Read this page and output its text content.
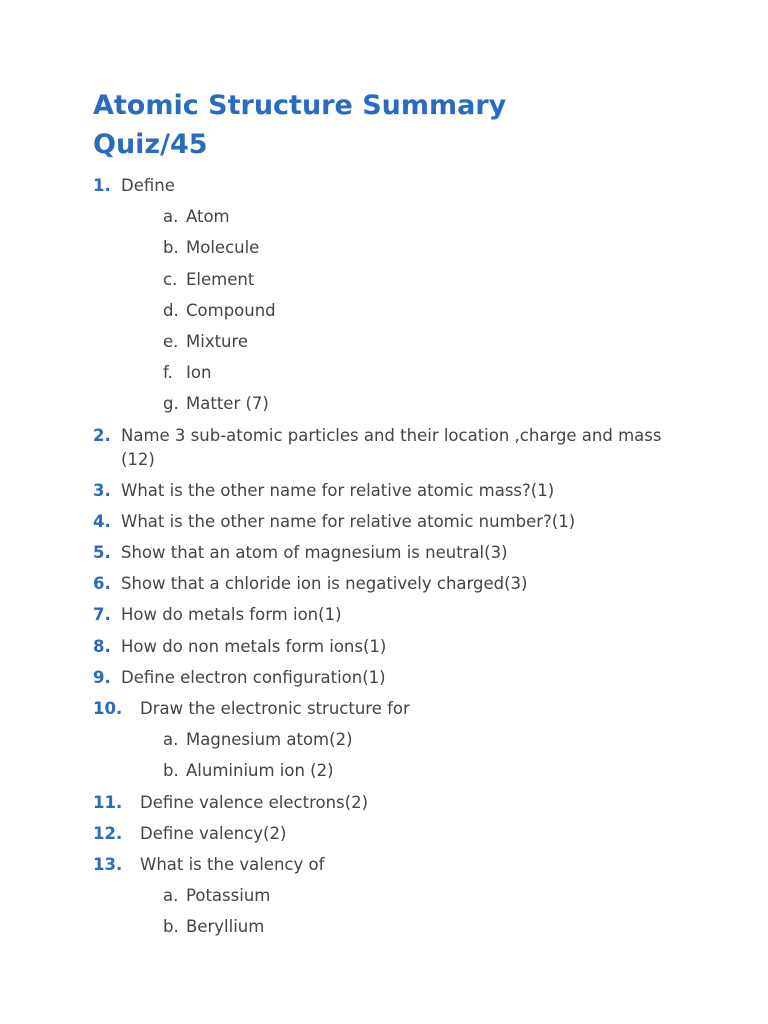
Atomic Structure Summary
Quiz/45
1. Define
a. Atom
b. Molecule
c. Element
d. Compound
e. Mixture
f. Ion
g. Matter (7)
2. Name 3 sub-atomic particles and their location ,charge and mass (12)
3. What is the other name for relative atomic mass?(1)
4. What is the other name for relative atomic number?(1)
5. Show that an atom of magnesium is neutral(3)
6. Show that a chloride ion is negatively charged(3)
7. How do metals form ion(1)
8. How do non metals form ions(1)
9. Define electron configuration(1)
10.	Draw the electronic structure for
a. Magnesium atom(2)
b. Aluminium ion (2)
11.	Define valence electrons(2)
12.	Define valency(2)
13.	What is the valency of
a. Potassium
b. Beryllium
